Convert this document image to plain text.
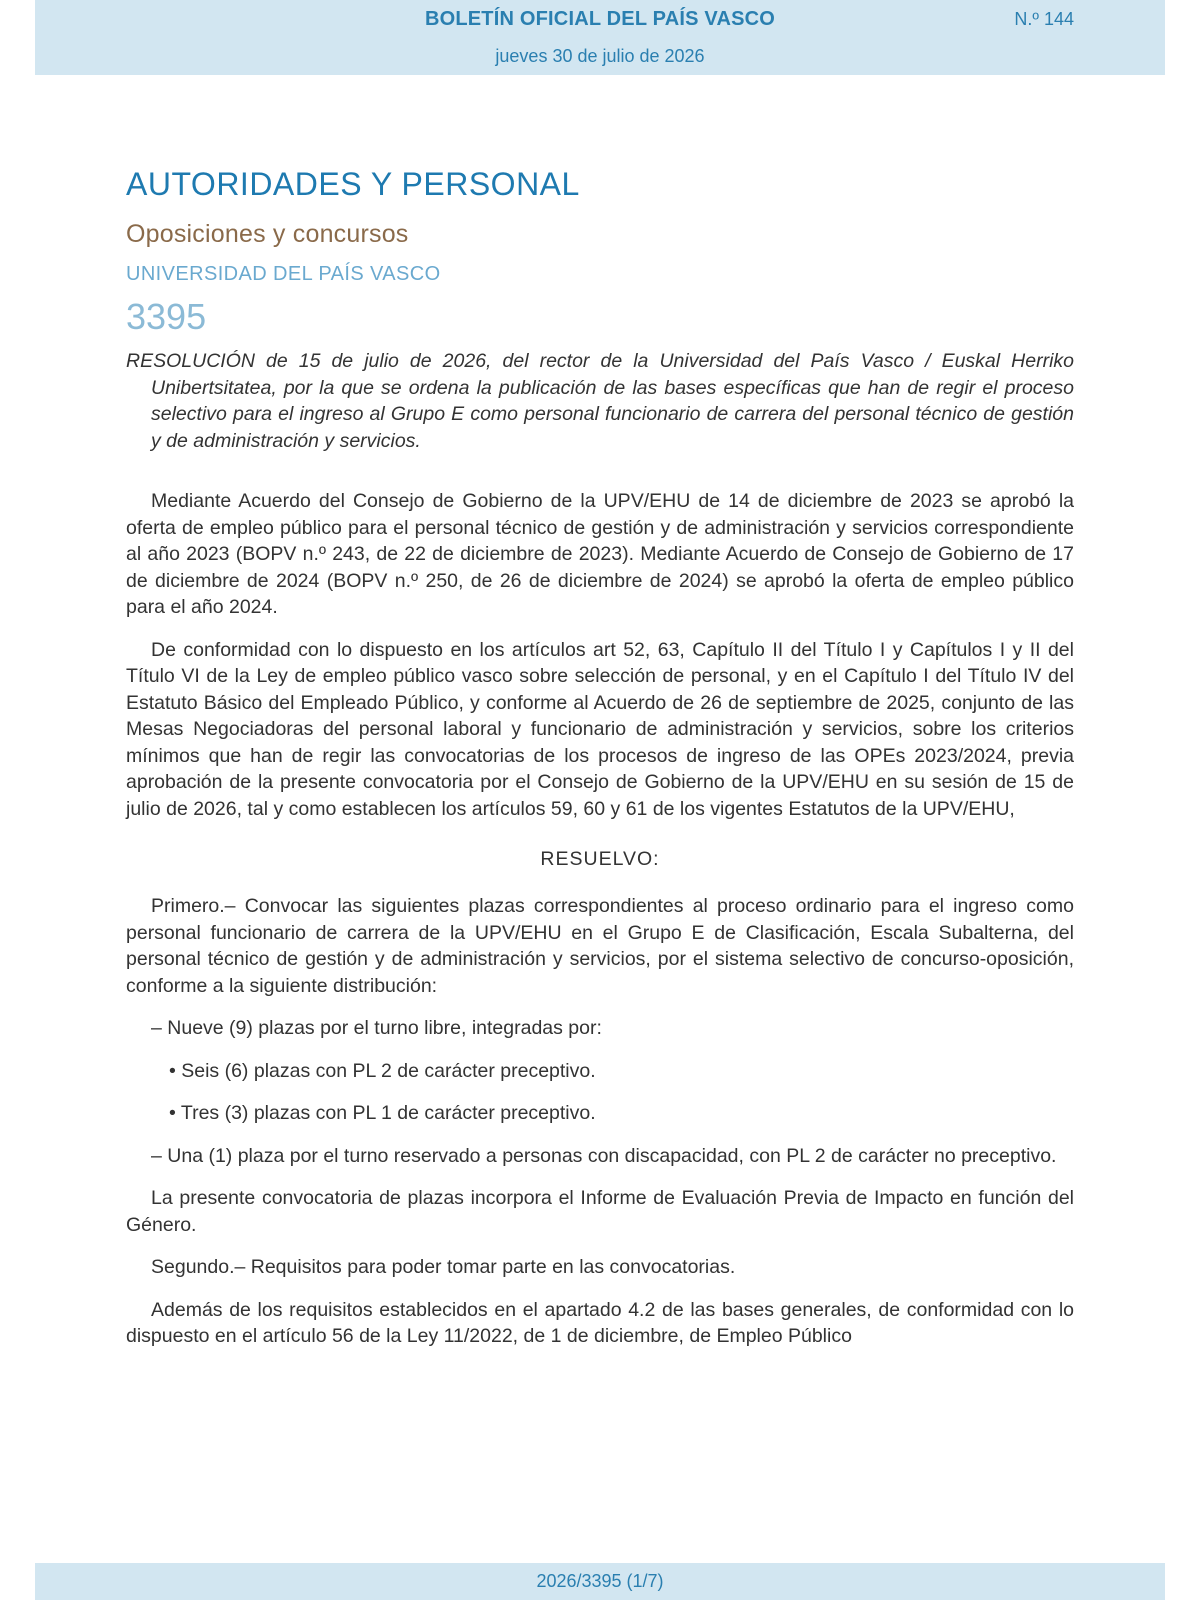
BOLETÍN OFICIAL DEL PAÍS VASCO	N.º 144
jueves 30 de julio de 2026
AUTORIDADES Y PERSONAL
Oposiciones y concursos
UNIVERSIDAD DEL PAÍS VASCO
3395
RESOLUCIÓN de 15 de julio de 2026, del rector de la Universidad del País Vasco / Euskal Herriko Unibertsitatea, por la que se ordena la publicación de las bases específicas que han de regir el proceso selectivo para el ingreso al Grupo E como personal funcionario de carrera del personal técnico de gestión y de administración y servicios.

Mediante Acuerdo del Consejo de Gobierno de la UPV/EHU de 14 de diciembre de 2023 se aprobó la oferta de empleo público para el personal técnico de gestión y de administración y servicios correspondiente al año 2023 (BOPV n.º 243, de 22 de diciembre de 2023). Mediante Acuerdo de Consejo de Gobierno de 17 de diciembre de 2024 (BOPV n.º 250, de 26 de diciembre de 2024) se aprobó la oferta de empleo público para el año 2024.

De conformidad con lo dispuesto en los artículos art 52, 63, Capítulo II del Título I y Capítulos I y II del Título VI de la Ley de empleo público vasco sobre selección de personal, y en el Capítulo I del Título IV del Estatuto Básico del Empleado Público, y conforme al Acuerdo de 26 de septiembre de 2025, conjunto de las Mesas Negociadoras del personal laboral y funcionario de administración y servicios, sobre los criterios mínimos que han de regir las convocatorias de los procesos de ingreso de las OPEs 2023/2024, previa aprobación de la presente convocatoria por el Consejo de Gobierno de la UPV/EHU en su sesión de 15 de julio de 2026, tal y como establecen los artículos 59, 60 y 61 de los vigentes Estatutos de la UPV/EHU,

RESUELVO:

Primero.– Convocar las siguientes plazas correspondientes al proceso ordinario para el ingreso como personal funcionario de carrera de la UPV/EHU en el Grupo E de Clasificación, Escala Subalterna, del personal técnico de gestión y de administración y servicios, por el sistema selectivo de concurso-oposición, conforme a la siguiente distribución:

– Nueve (9) plazas por el turno libre, integradas por:
• Seis (6) plazas con PL 2 de carácter preceptivo.
• Tres (3) plazas con PL 1 de carácter preceptivo.
– Una (1) plaza por el turno reservado a personas con discapacidad, con PL 2 de carácter no preceptivo.

La presente convocatoria de plazas incorpora el Informe de Evaluación Previa de Impacto en función del Género.

Segundo.– Requisitos para poder tomar parte en las convocatorias.

Además de los requisitos establecidos en el apartado 4.2 de las bases generales, de conformidad con lo dispuesto en el artículo 56 de la Ley 11/2022, de 1 de diciembre, de Empleo Público

2026/3395 (1/7)
